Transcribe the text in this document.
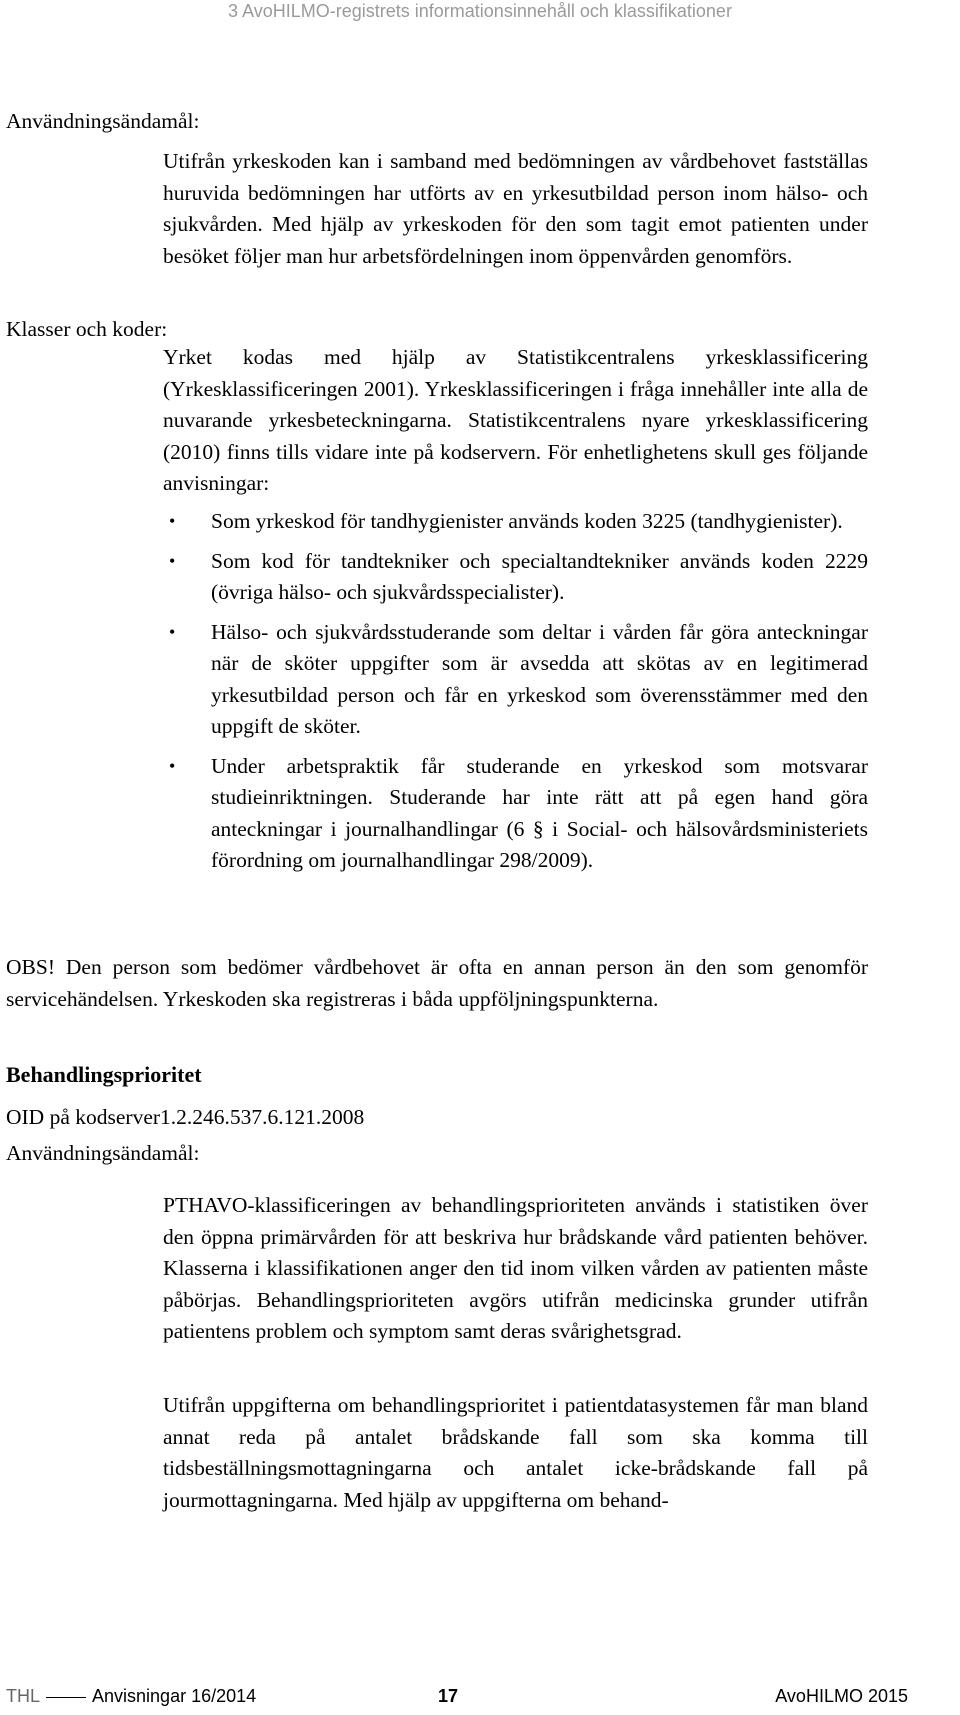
3 AvoHILMO-registrets informationsinnehåll och klassifikationer
Användningsändamål:

Utifrån yrkeskoden kan i samband med bedömningen av vårdbehovet fastställas huruvida bedömningen har utförts av en yrkesutbildad person inom hälso- och sjukvården. Med hjälp av yrkeskoden för den som tagit emot patienten under besöket följer man hur arbetsfördelningen inom öppenvården genomförs.

Klasser och koder:

Yrket kodas med hjälp av Statistikcentralens yrkesklassificering (Yrkesklassificeringen 2001). Yrkesklassificeringen i fråga innehåller inte alla de nuvarande yrkesbeteckningarna. Statistikcentralens nyare yrkesklassificering (2010) finns tills vidare inte på kodservern. För enhetlighetens skull ges följande anvisningar:

• Som yrkeskod för tandhygienister används koden 3225 (tandhygienister).
• Som kod för tandtekniker och specialtandtekniker används koden 2229 (övriga hälso- och sjukvårdsspecialister).
• Hälso- och sjukvårdsstuderande som deltar i vården får göra anteckningar när de sköter uppgifter som är avsedda att skötas av en legitimerad yrkesutbildad person och får en yrkeskod som överensstämmer med den uppgift de sköter.
• Under arbetspraktik får studerande en yrkeskod som motsvarar studieinriktningen. Studerande har inte rätt att på egen hand göra anteckningar i journalhandlingar (6 § i Social- och hälsovårdsministeriets förordning om journalhandlingar 298/2009).

OBS! Den person som bedömer vårdbehovet är ofta en annan person än den som genomför servicehändelsen. Yrkeskoden ska registreras i båda uppföljningspunkterna.

Behandlingsprioritet
OID på kodserver1.2.246.537.6.121.2008
Användningsändamål:

PTHAVO-klassificeringen av behandlingsprioriteten används i statistiken över den öppna primärvården för att beskriva hur brådskande vård patienten behöver. Klasserna i klassifikationen anger den tid inom vilken vården av patienten måste påbörjas. Behandlingsprioriteten avgörs utifrån medicinska grunder utifrån patientens problem och symptom samt deras svårighetsgrad.

Utifrån uppgifterna om behandlingsprioritet i patientdatasystemen får man bland annat reda på antalet brådskande fall som ska komma till tidsbeställningsmottagningarna och antalet icke-brådskande fall på jourmottagningarna. Med hjälp av uppgifterna om behand-

THL	Anvisningar 16/2014	17	AvoHILMO 2015
